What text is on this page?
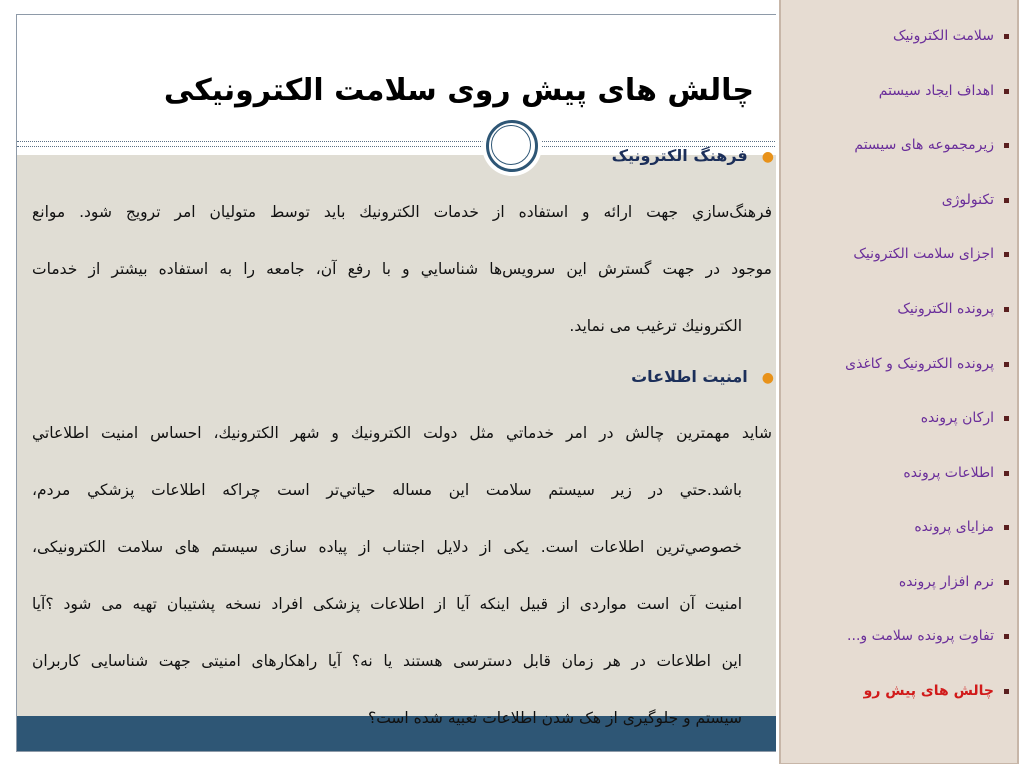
چالش های پیش روی سلامت الکترونیکی
●فرهنگ الکترونیک
فرهنگ‌سازي جهت ارائه و استفاده از خدمات الکترونيك بايد توسط متوليان امر ترويج شود. موانع
موجود در جهت گسترش اين سرويس‌ها شناسايي و با رفع آن، جامعه را به استفاده بيشتر از خدمات
الکترونيك ترغيب می نمايد.
●امنیت اطلاعات
شايد مهمترين چالش در امر خدماتي مثل دولت الکترونيك و شهر الکترونيك، احساس امنيت اطلاعاتي
باشد.حتي در زير سيستم سلامت اين مساله حياتي‌تر است چراكه اطلاعات پزشكي مردم،
خصوصي‌ترين اطلاعات است. یکی از دلایل اجتناب از پیاده سازی سیستم های سلامت الکترونیکی،
امنیت آن است مواردی از قبیل اینکه آیا از اطلاعات پزشکی افراد نسخه پشتیبان تهیه می شود ؟آیا
این اطلاعات در هر زمان قابل دسترسی هستند یا نه؟ آیا راهکارهای امنیتی جهت شناسایی کاربران
سیستم و جلوگیری از هک شدن اطلاعات تعبیه شده است؟
سلامت الکترونیک
اهداف ایجاد سیستم
زیرمجموعه های سیستم
تکنولوژی
اجزای سلامت الکترونیک
پرونده الکترونیک
پرونده الکترونیک و کاغذی
ارکان پرونده
اطلاعات پرونده
مزایای پرونده
نرم افزار پرونده
تفاوت پرونده سلامت و...
چالش های پیش رو
